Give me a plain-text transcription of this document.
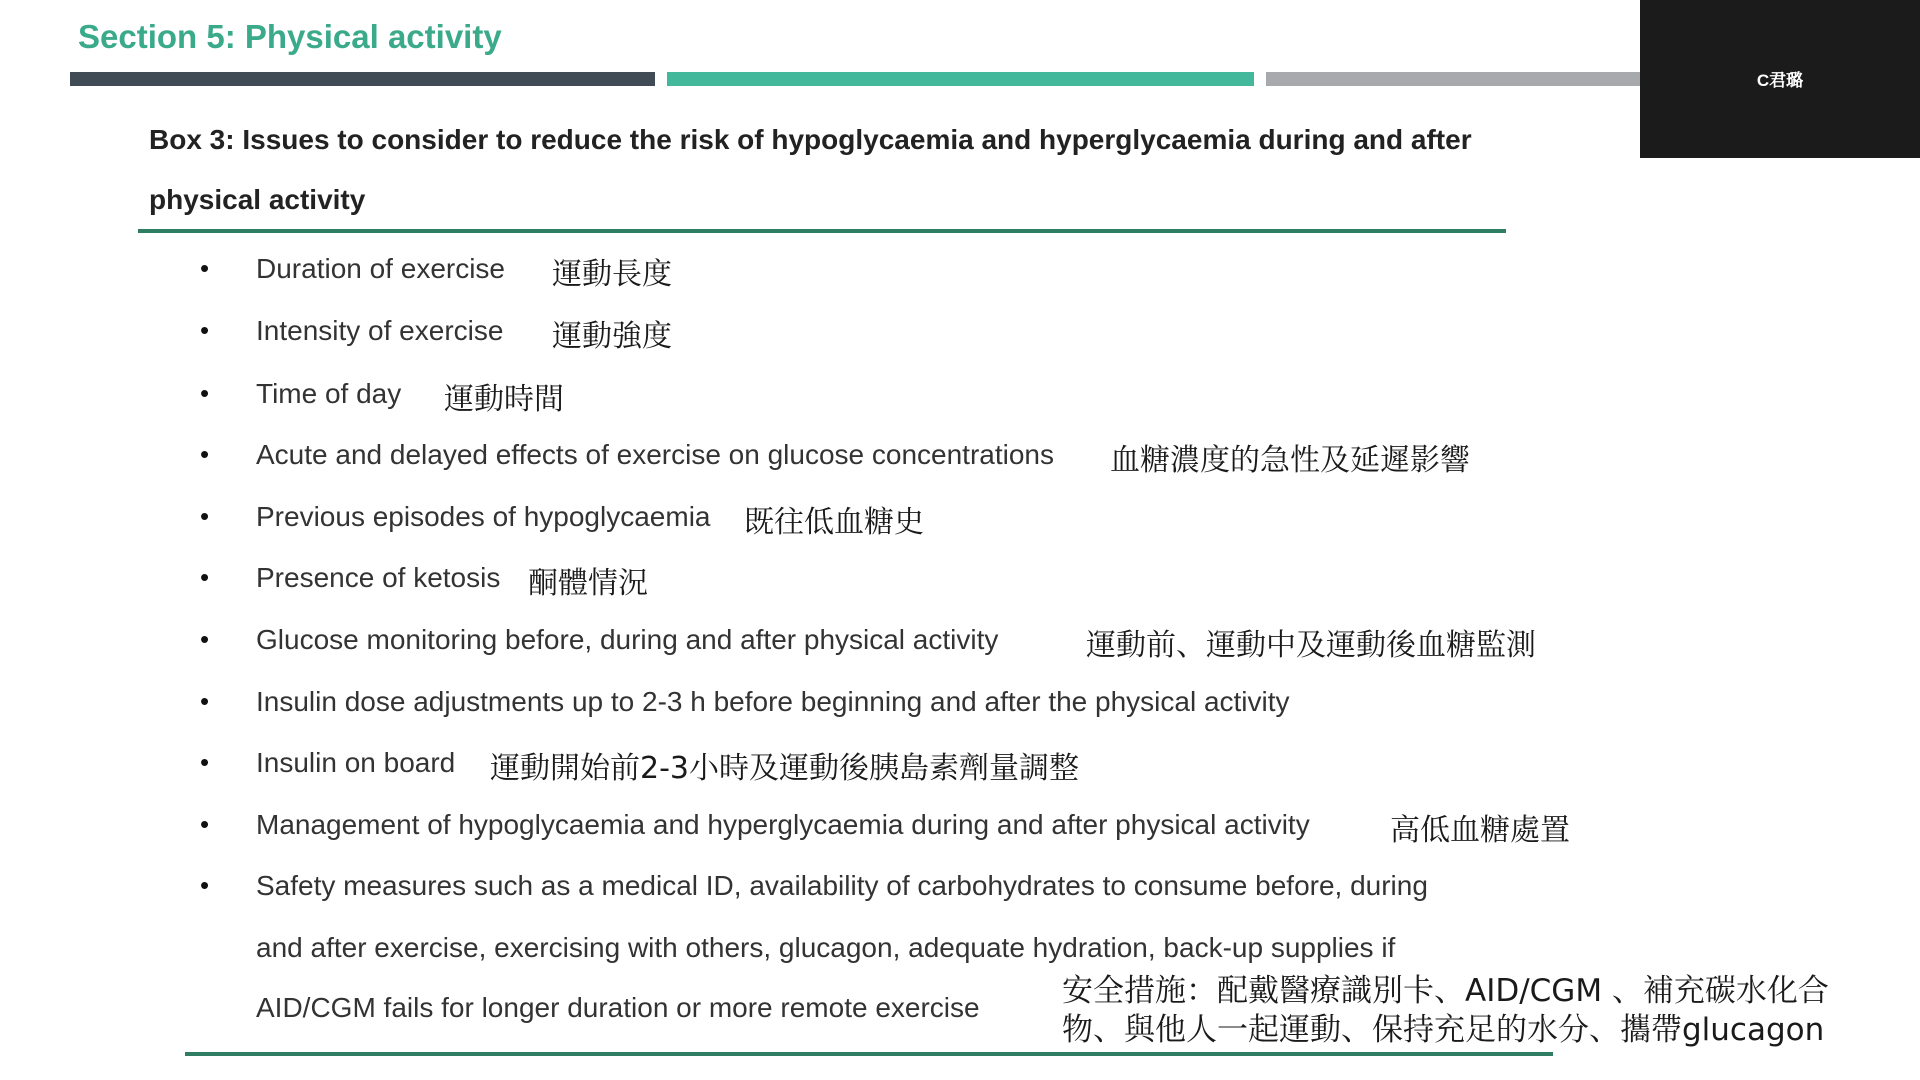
Section 5: Physical activity
C君璐
Box 3: Issues to consider to reduce the risk of hypoglycaemia and hyperglycaemia during and after
physical activity
•	Duration of exercise 運動長度
•	Intensity of exercise 運動強度
•	Time of day 運動時間
•	Acute and delayed effects of exercise on glucose concentrations 血糖濃度的急性及延遲影響
•	Previous episodes of hypoglycaemia 既往低血糖史
•	Presence of ketosis 酮體情況
•	Glucose monitoring before, during and after physical activity	運動前、運動中及運動後血糖監測
•	Insulin dose adjustments up to 2-3 h before beginning and after the physical activity
•	Insulin on board 運動開始前2-3小時及運動後胰島素劑量調整
•	Management of hypoglycaemia and hyperglycaemia during and after physical activity	高低血糖處置
•	Safety measures such as a medical ID, availability of carbohydrates to consume before, during
and after exercise, exercising with others, glucagon, adequate hydration, back-up supplies if
AID/CGM fails for longer duration or more remote exercise	安全措施：配戴醫療識別卡、AID/CGM 、補充碳水化合
物、與他人一起運動、保持充足的水分、攜帶glucagon
